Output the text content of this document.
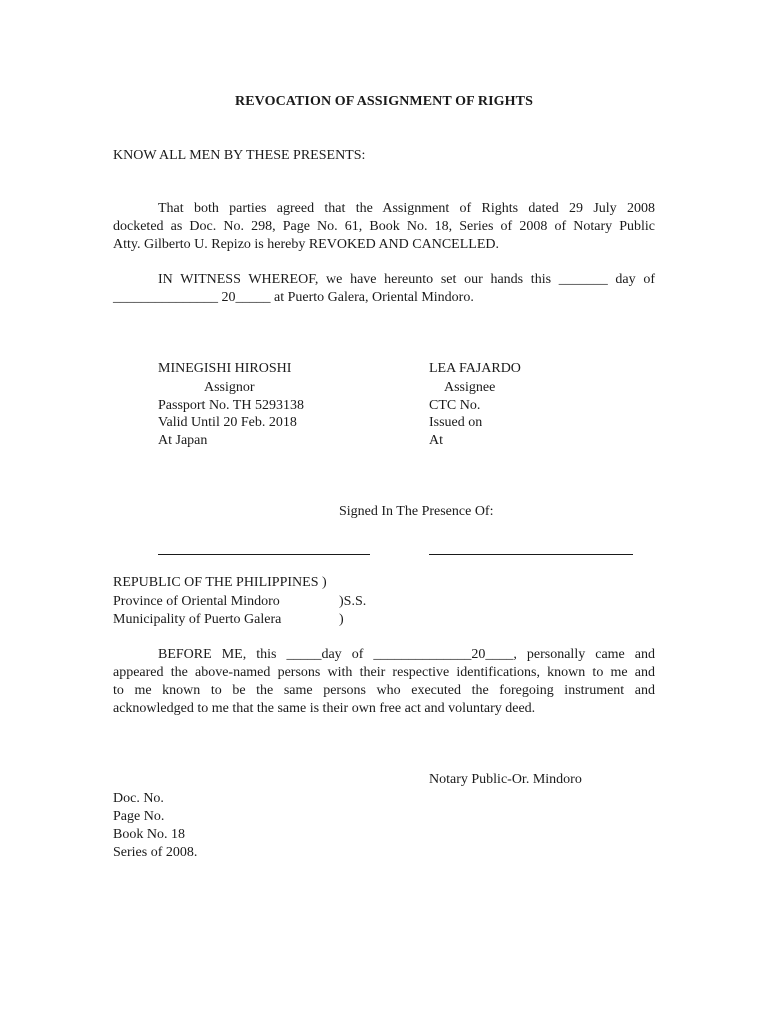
REVOCATION OF ASSIGNMENT OF RIGHTS
KNOW ALL MEN BY THESE PRESENTS:
That both parties agreed that the Assignment of Rights dated 29 July 2008
docketed as Doc. No. 298, Page No. 61, Book No. 18, Series of 2008 of Notary Public
Atty. Gilberto U. Repizo is hereby REVOKED AND CANCELLED.
IN WITNESS WHEREOF, we have hereunto set our hands this _______ day of
_______________ 20_____ at Puerto Galera, Oriental Mindoro.
MINEGISHI HIROSHI
Assignor
Passport No. TH 5293138
Valid Until 20 Feb. 2018
At Japan
LEA FAJARDO
Assignee
CTC No.
Issued on
At
Signed In The Presence Of:
REPUBLIC OF THE PHILIPPINES )
Province of Oriental Mindoro	)S.S.
Municipality of Puerto Galera	)
BEFORE ME, this _____day of ______________20____, personally came and
appeared the above-named persons with their respective identifications, known to me and
to me known to be the same persons who executed the foregoing instrument and
acknowledged to me that the same is their own free act and voluntary deed.
Notary Public-Or. Mindoro
Doc. No.
Page No.
Book No. 18
Series of 2008.
